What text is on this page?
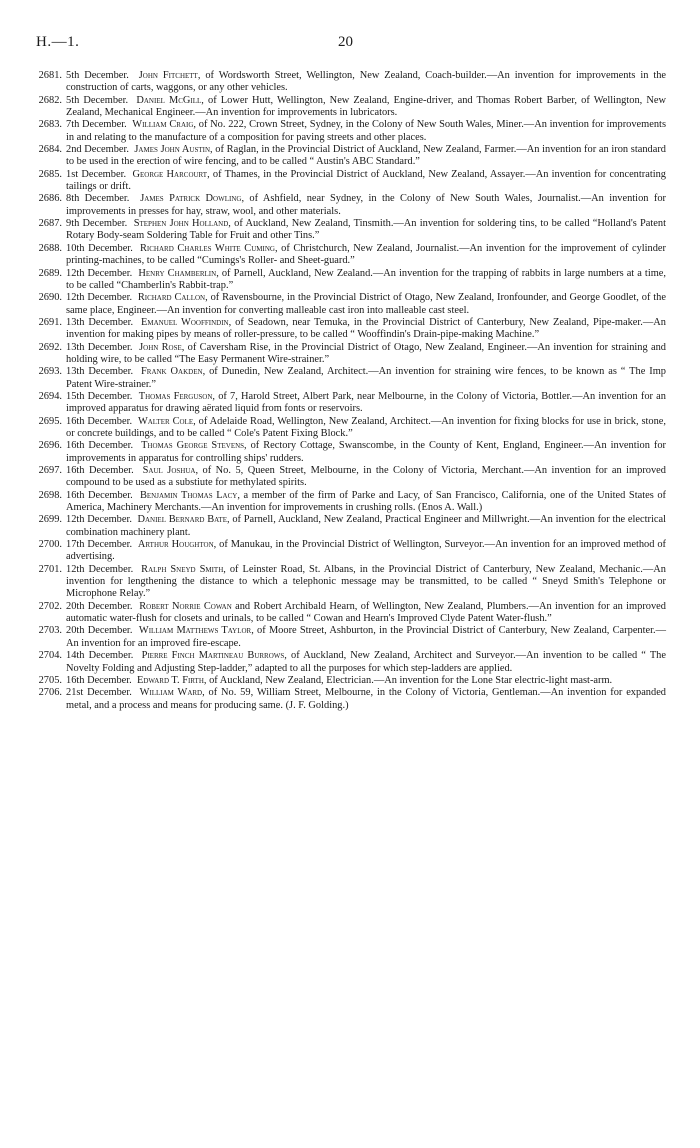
H.—1.	20

2681. 5th December. John Fitchett, of Wordsworth Street, Wellington, New Zealand, Coach-builder.—An invention for improvements in the construction of carts, waggons, or any other vehicles.

2682. 5th December. Daniel McGill, of Lower Hutt, Wellington, New Zealand, Engine-driver, and Thomas Robert Barber, of Wellington, New Zealand, Mechanical Engineer.—An invention for improvements in lubricators.

2683. 7th December. William Craig, of No. 222, Crown Street, Sydney, in the Colony of New South Wales, Miner.—An invention for improvements in and relating to the manufacture of a composition for paving streets and other places.

2684. 2nd December. James John Austin, of Raglan, in the Provincial District of Auckland, New Zealand, Farmer.—An invention for an iron standard to be used in the erection of wire fencing, and to be called “ Austin's ABC Standard.”

2685. 1st December. George Harcourt, of Thames, in the Provincial District of Auckland, New Zealand, Assayer.—An invention for concentrating tailings or drift.

2686. 8th December. James Patrick Dowling, of Ashfield, near Sydney, in the Colony of New South Wales, Journalist.—An invention for improvements in presses for hay, straw, wool, and other materials.

2687. 9th December. Stephen John Holland, of Auckland, New Zealand, Tinsmith.—An invention for soldering tins, to be called “Holland's Patent Rotary Body-seam Soldering Table for Fruit and other Tins.”

2688. 10th December. Richard Charles White Cuming, of Christchurch, New Zealand, Journalist.—An invention for the improvement of cylinder printing-machines, to be called “Cumings's Roller- and Sheet-guard.”

2689. 12th December. Henry Chamberlin, of Parnell, Auckland, New Zealand.—An invention for the trapping of rabbits in large numbers at a time, to be called “Chamberlin's Rabbit-trap.”

2690. 12th December. Richard Callon, of Ravensbourne, in the Provincial District of Otago, New Zealand, Ironfounder, and George Goodlet, of the same place, Engineer.—An invention for converting malleable cast iron into malleable cast steel.

2691. 13th December. Emanuel Wooffindin, of Seadown, near Temuka, in the Provincial District of Canterbury, New Zealand, Pipe-maker.—An invention for making pipes by means of roller-pressure, to be called “ Wooffindin's Drain-pipe-making Machine.”

2692. 13th December. John Rose, of Caversham Rise, in the Provincial District of Otago, New Zealand, Engineer.—An invention for straining and holding wire, to be called “The Easy Permanent Wire-strainer.”

2693. 13th December. Frank Oakden, of Dunedin, New Zealand, Architect.—An invention for straining wire fences, to be known as “ The Imp Patent Wire-strainer.”

2694. 15th December. Thomas Ferguson, of 7, Harold Street, Albert Park, near Melbourne, in the Colony of Victoria, Bottler.—An invention for an improved apparatus for drawing aërated liquid from fonts or reservoirs.

2695. 16th December. Walter Cole, of Adelaide Road, Wellington, New Zealand, Architect.—An invention for fixing blocks for use in brick, stone, or concrete buildings, and to be called “ Cole's Patent Fixing Block.”

2696. 16th December. Thomas George Stevens, of Rectory Cottage, Swanscombe, in the County of Kent, England, Engineer.—An invention for improvements in apparatus for controlling ships' rudders.

2697. 16th December. Saul Joshua, of No. 5, Queen Street, Melbourne, in the Colony of Victoria, Merchant.—An invention for an improved compound to be used as a substiute for methylated spirits.

2698. 16th December. Benjamin Thomas Lacy, a member of the firm of Parke and Lacy, of San Francisco, California, one of the United States of America, Machinery Merchants.—An invention for improvements in crushing rolls. (Enos A. Wall.)

2699. 12th December. Daniel Bernard Bate, of Parnell, Auckland, New Zealand, Practical Engineer and Millwright.—An invention for the electrical combination machinery plant.

2700. 17th December. Arthur Houghton, of Manukau, in the Provincial District of Wellington, Surveyor.—An invention for an improved method of advertising.

2701. 12th December. Ralph Sneyd Smith, of Leinster Road, St. Albans, in the Provincial District of Canterbury, New Zealand, Mechanic.—An invention for lengthening the distance to which a telephonic message may be transmitted, to be called “ Sneyd Smith's Telephone or Microphone Relay.”

2702. 20th December. Robert Norrie Cowan and Robert Archibald Hearn, of Wellington, New Zealand, Plumbers.—An invention for an improved automatic water-flush for closets and urinals, to be called “ Cowan and Hearn's Improved Clyde Patent Water-flush.”

2703. 20th December. William Matthews Taylor, of Moore Street, Ashburton, in the Provincial District of Canterbury, New Zealand, Carpenter.—An invention for an improved fire-escape.

2704. 14th December. Pierre Finch Martineau Burrows, of Auckland, New Zealand, Architect and Surveyor.—An invention to be called “ The Novelty Folding and Adjusting Step-ladder,” adapted to all the purposes for which step-ladders are applied.

2705. 16th December. Edward T. Firth, of Auckland, New Zealand, Electrician.—An invention for the Lone Star electric-light mast-arm.

2706. 21st December. William Ward, of No. 59, William Street, Melbourne, in the Colony of Victoria, Gentleman.—An invention for expanded metal, and a process and means for producing same. (J. F. Golding.)
